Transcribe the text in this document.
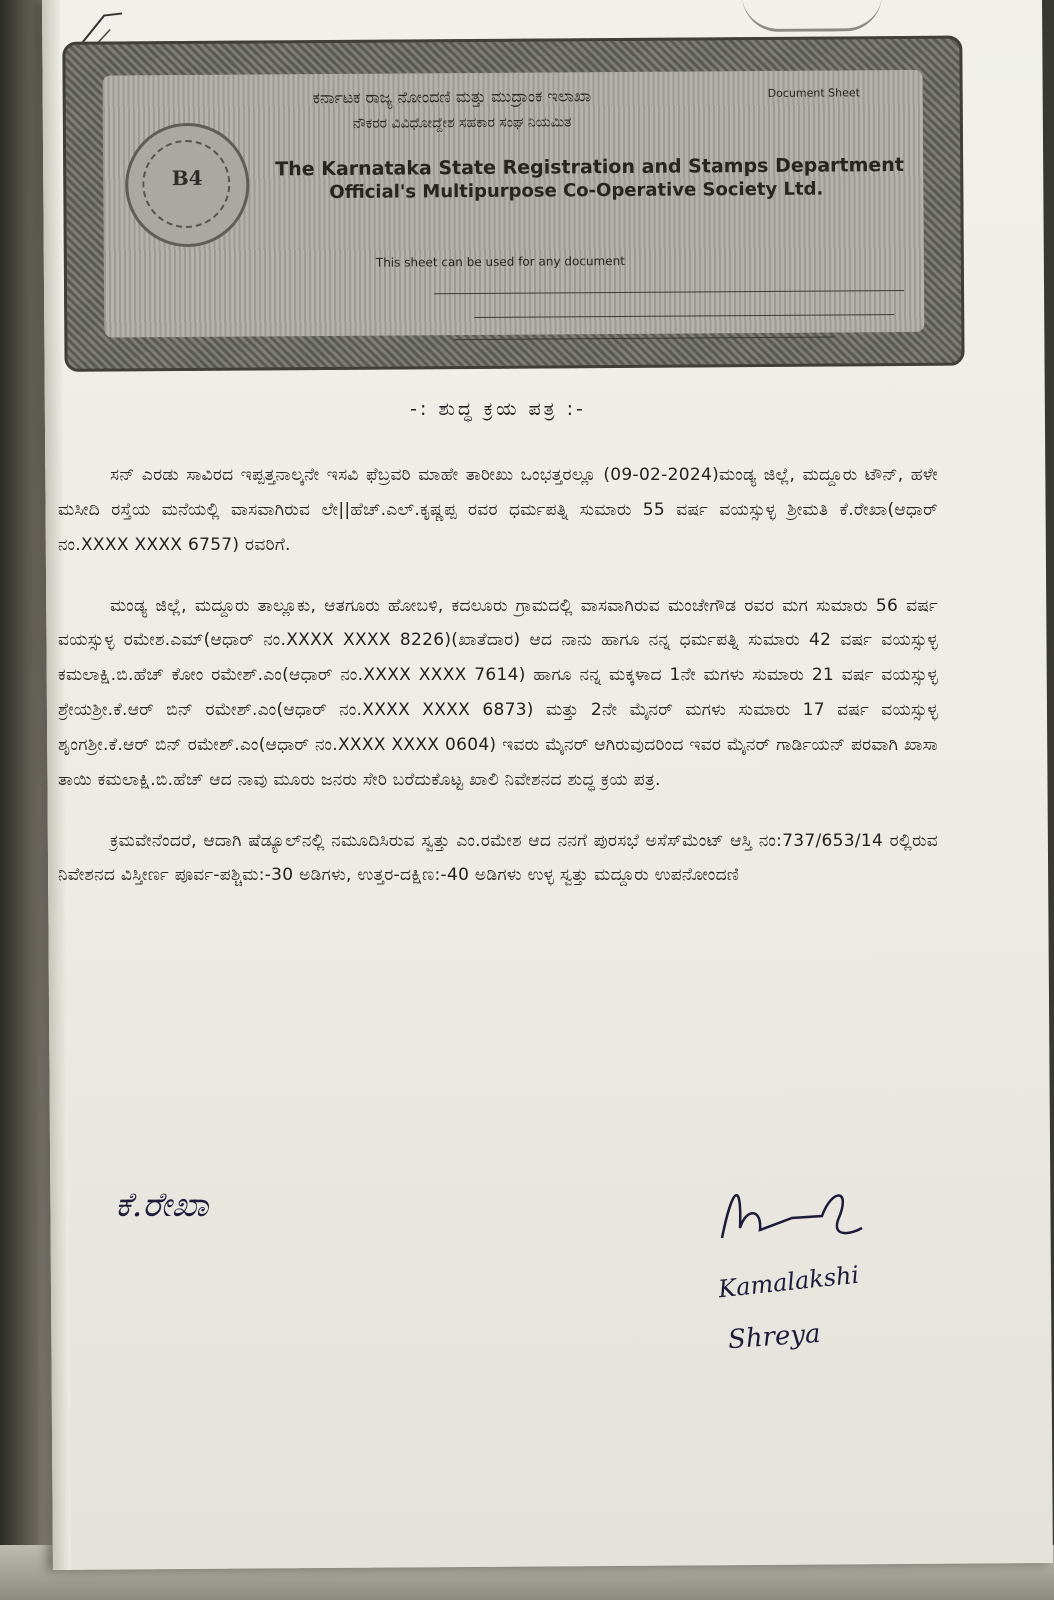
B4
ಕರ್ನಾಟಕ ರಾಜ್ಯ ನೋಂದಣಿ ಮತ್ತು ಮುದ್ರಾಂಕ ಇಲಾಖಾ
ನೌಕರರ ವಿವಿಧೋದ್ದೇಶ ಸಹಕಾರ ಸಂಘ ನಿಯಮಿತ
The Karnataka State Registration and Stamps Department
Official's Multipurpose Co-Operative Society Ltd.
Document Sheet
This sheet can be used for any document
-: ಶುದ್ಧ ಕ್ರಯ ಪತ್ರ :-

ಸನ್ ಎರಡು ಸಾವಿರದ ಇಪ್ಪತ್ತನಾಲ್ಕನೇ ಇಸವಿ ಫೆಬ್ರವರಿ ಮಾಹೇ ತಾರೀಖು ಒಂಭತ್ತರಲ್ಲೂ (09-02-2024)ಮಂಡ್ಯ ಜಿಲ್ಲೆ, ಮದ್ದೂರು ಟೌನ್, ಹಳೇ ಮಸೀದಿ ರಸ್ತೆಯ ಮನೆಯಲ್ಲಿ ವಾಸವಾಗಿರುವ ಲೇ||ಹೆಚ್.ಎಲ್.ಕೃಷ್ಣಪ್ಪ ರವರ ಧರ್ಮಪತ್ನಿ ಸುಮಾರು 55 ವರ್ಷ ವಯಸ್ಸುಳ್ಳ ಶ್ರೀಮತಿ ಕೆ.ರೇಖಾ(ಆಧಾರ್ ನಂ.XXXX XXXX 6757) ರವರಿಗೆ.

ಮಂಡ್ಯ ಜಿಲ್ಲೆ, ಮದ್ದೂರು ತಾಲ್ಲೂಕು, ಆತಗೂರು ಹೋಬಳಿ, ಕದಲೂರು ಗ್ರಾಮದಲ್ಲಿ ವಾಸವಾಗಿರುವ ಮಂಚೇಗೌಡ ರವರ ಮಗ ಸುಮಾರು 56 ವರ್ಷ ವಯಸ್ಸುಳ್ಳ ರಮೇಶ.ಎಮ್(ಆಧಾರ್ ನಂ.XXXX XXXX 8226)(ಖಾತೆದಾರ) ಆದ ನಾನು ಹಾಗೂ ನನ್ನ ಧರ್ಮಪತ್ನಿ ಸುಮಾರು 42 ವರ್ಷ ವಯಸ್ಸುಳ್ಳ ಕಮಲಾಕ್ಷಿ.ಬಿ.ಹೆಚ್ ಕೋಂ ರಮೇಶ್.ಎಂ(ಆಧಾರ್ ನಂ.XXXX XXXX 7614) ಹಾಗೂ ನನ್ನ ಮಕ್ಕಳಾದ 1ನೇ ಮಗಳು ಸುಮಾರು 21 ವರ್ಷ ವಯಸ್ಸುಳ್ಳ ಶ್ರೇಯಶ್ರೀ.ಕೆ.ಆರ್ ಬಿನ್ ರಮೇಶ್.ಎಂ(ಆಧಾರ್ ನಂ.XXXX XXXX 6873) ಮತ್ತು 2ನೇ ಮೈನರ್ ಮಗಳು ಸುಮಾರು 17 ವರ್ಷ ವಯಸ್ಸುಳ್ಳ ಶೃಂಗಶ್ರೀ.ಕೆ.ಆರ್ ಬಿನ್ ರಮೇಶ್.ಎಂ(ಆಧಾರ್ ನಂ.XXXX XXXX 0604) ಇವರು ಮೈನರ್ ಆಗಿರುವುದರಿಂದ ಇವರ ಮೈನರ್ ಗಾರ್ಡಿಯನ್ ಪರವಾಗಿ ಖಾಸಾ ತಾಯಿ ಕಮಲಾಕ್ಷಿ.ಬಿ.ಹೆಚ್ ಆದ ನಾವು ಮೂರು ಜನರು ಸೇರಿ ಬರೆದುಕೊಟ್ಟ ಖಾಲಿ ನಿವೇಶನದ ಶುದ್ಧ ಕ್ರಯ ಪತ್ರ.

ಕ್ರಮವೇನೆಂದರೆ, ಆದಾಗಿ ಷೆಡ್ಯೂಲ್‌ನಲ್ಲಿ ನಮೂದಿಸಿರುವ ಸ್ವತ್ತು ಎಂ.ರಮೇಶ ಆದ ನನಗೆ ಪುರಸಭೆ ಅಸೆಸ್‌ಮೆಂಟ್ ಆಸ್ತಿ ನಂ:737/653/14 ರಲ್ಲಿರುವ ನಿವೇಶನದ ವಿಸ್ತೀರ್ಣ ಪೂರ್ವ-ಪಶ್ಚಿಮ:-30 ಅಡಿಗಳು, ಉತ್ತರ-ದಕ್ಷಿಣ:-40 ಅಡಿಗಳು ಉಳ್ಳ ಸ್ವತ್ತು ಮದ್ದೂರು ಉಪನೋಂದಣಿ

ಕೆ.ರೇಖಾ
Kamalakshi
Shreya
